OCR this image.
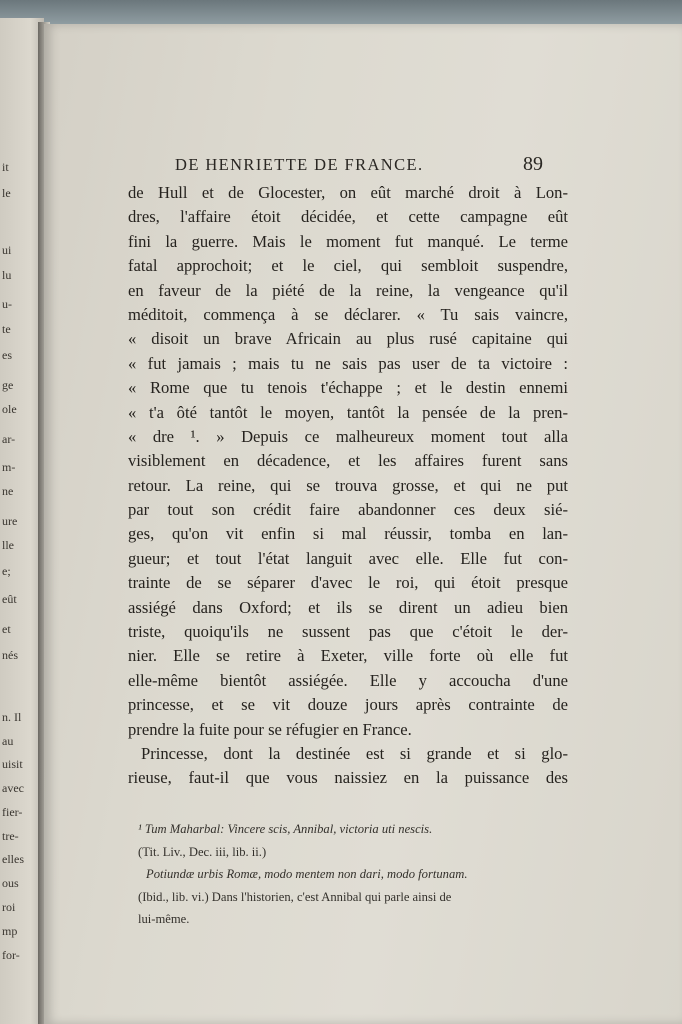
it
le
ui
lu
u-
te
es
ge
ole
ar-
m-
ne
ure
lle
e;
eût
et
nés
n. Il
au
uisit
avec
fier-
tre-
elles
ous
roi
mp
for-
DE HENRIETTE DE FRANCE.	89
de Hull et de Glocester, on eût marché droit à Lon-
dres, l'affaire étoit décidée, et cette campagne eût
fini la guerre. Mais le moment fut manqué. Le terme
fatal approchoit; et le ciel, qui sembloit suspendre,
en faveur de la piété de la reine, la vengeance qu'il
méditoit, commença à se déclarer. « Tu sais vaincre,
« disoit un brave Africain au plus rusé capitaine qui
« fut jamais ; mais tu ne sais pas user de ta victoire :
« Rome que tu tenois t'échappe ; et le destin ennemi
« t'a ôté tantôt le moyen, tantôt la pensée de la pren-
« dre ¹. » Depuis ce malheureux moment tout alla
visiblement en décadence, et les affaires furent sans
retour. La reine, qui se trouva grosse, et qui ne put
par tout son crédit faire abandonner ces deux sié-
ges, qu'on vit enfin si mal réussir, tomba en lan-
gueur; et tout l'état languit avec elle. Elle fut con-
trainte de se séparer d'avec le roi, qui étoit presque
assiégé dans Oxford; et ils se dirent un adieu bien
triste, quoiqu'ils ne sussent pas que c'étoit le der-
nier. Elle se retire à Exeter, ville forte où elle fut
elle-même bientôt assiégée. Elle y accoucha d'une
princesse, et se vit douze jours après contrainte de
prendre la fuite pour se réfugier en France.
Princesse, dont la destinée est si grande et si glo-
rieuse, faut-il que vous naissiez en la puissance des
¹ Tum Maharbal: Vincere scis, Annibal, victoria uti nescis.
(Tit. Liv., Dec. iii, lib. ii.)
Potiundæ urbis Romæ, modo mentem non dari, modo fortunam.
(Ibid., lib. vi.) Dans l'historien, c'est Annibal qui parle ainsi de
lui-même.
